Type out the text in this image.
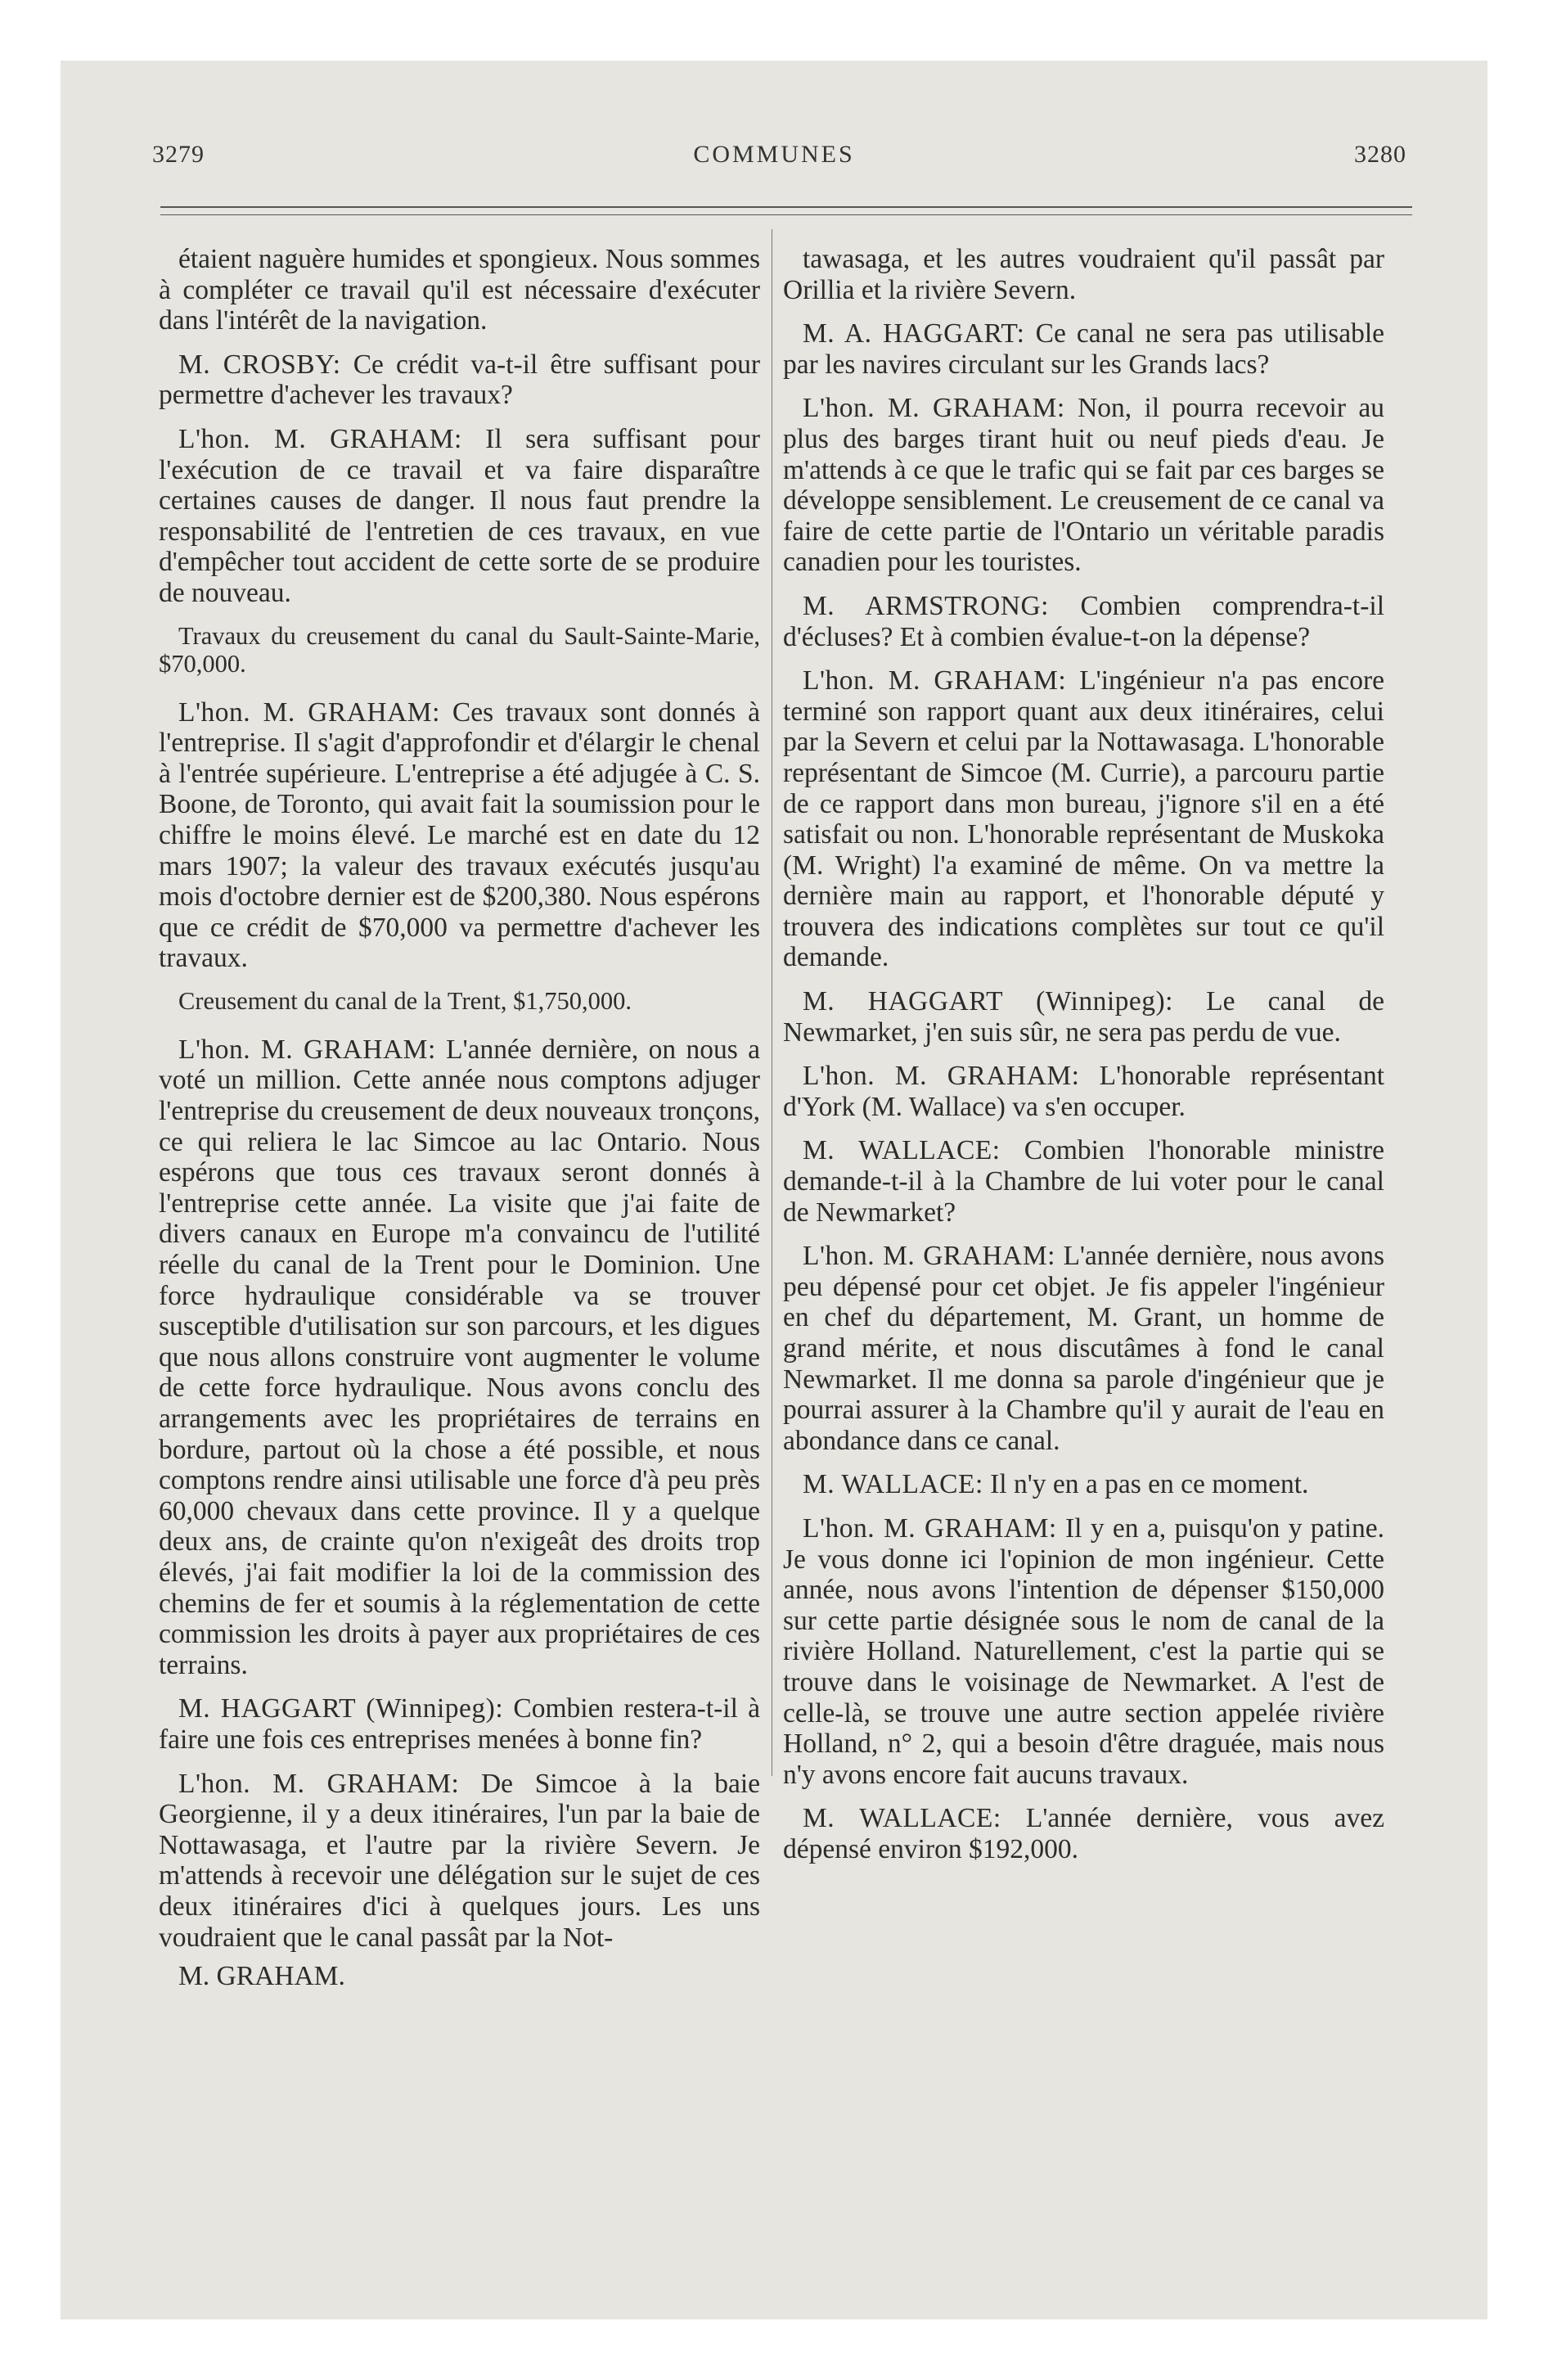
3279	COMMUNES	3280

étaient naguère humides et spongieux. Nous sommes à compléter ce travail qu'il est nécessaire d'exécuter dans l'intérêt de la navigation.

M. CROSBY: Ce crédit va-t-il être suffisant pour permettre d'achever les travaux?

L'hon. M. GRAHAM: Il sera suffisant pour l'exécution de ce travail et va faire disparaître certaines causes de danger. Il nous faut prendre la responsabilité de l'entretien de ces travaux, en vue d'empêcher tout accident de cette sorte de se produire de nouveau.

Travaux du creusement du canal du Sault-Sainte-Marie, $70,000.

L'hon. M. GRAHAM: Ces travaux sont donnés à l'entreprise. Il s'agit d'approfondir et d'élargir le chenal à l'entrée supérieure. L'entreprise a été adjugée à C. S. Boone, de Toronto, qui avait fait la soumission pour le chiffre le moins élevé. Le marché est en date du 12 mars 1907; la valeur des travaux exécutés jusqu'au mois d'octobre dernier est de $200,380. Nous espérons que ce crédit de $70,000 va permettre d'achever les travaux.

Creusement du canal de la Trent, $1,750,000.

L'hon. M. GRAHAM: L'année dernière, on nous a voté un million. Cette année nous comptons adjuger l'entreprise du creusement de deux nouveaux tronçons, ce qui reliera le lac Simcoe au lac Ontario. Nous espérons que tous ces travaux seront donnés à l'entreprise cette année. La visite que j'ai faite de divers canaux en Europe m'a convaincu de l'utilité réelle du canal de la Trent pour le Dominion. Une force hydraulique considérable va se trouver susceptible d'utilisation sur son parcours, et les digues que nous allons construire vont augmenter le volume de cette force hydraulique. Nous avons conclu des arrangements avec les propriétaires de terrains en bordure, partout où la chose a été possible, et nous comptons rendre ainsi utilisable une force d'à peu près 60,000 chevaux dans cette province. Il y a quelque deux ans, de crainte qu'on n'exigeât des droits trop élevés, j'ai fait modifier la loi de la commission des chemins de fer et soumis à la réglementation de cette commission les droits à payer aux propriétaires de ces terrains.

M. HAGGART (Winnipeg): Combien restera-t-il à faire une fois ces entreprises menées à bonne fin?

L'hon. M. GRAHAM: De Simcoe à la baie Georgienne, il y a deux itinéraires, l'un par la baie de Nottawasaga, et l'autre par la rivière Severn. Je m'attends à recevoir une délégation sur le sujet de ces deux itinéraires d'ici à quelques jours. Les uns voudraient que le canal passât par la Not-

M. GRAHAM.

tawasaga, et les autres voudraient qu'il passât par Orillia et la rivière Severn.

M. A. HAGGART: Ce canal ne sera pas utilisable par les navires circulant sur les Grands lacs?

L'hon. M. GRAHAM: Non, il pourra recevoir au plus des barges tirant huit ou neuf pieds d'eau. Je m'attends à ce que le trafic qui se fait par ces barges se développe sensiblement. Le creusement de ce canal va faire de cette partie de l'Ontario un véritable paradis canadien pour les touristes.

M. ARMSTRONG: Combien comprendra-t-il d'écluses? Et à combien évalue-t-on la dépense?

L'hon. M. GRAHAM: L'ingénieur n'a pas encore terminé son rapport quant aux deux itinéraires, celui par la Severn et celui par la Nottawasaga. L'honorable représentant de Simcoe (M. Currie), a parcouru partie de ce rapport dans mon bureau, j'ignore s'il en a été satisfait ou non. L'honorable représentant de Muskoka (M. Wright) l'a examiné de même. On va mettre la dernière main au rapport, et l'honorable député y trouvera des indications complètes sur tout ce qu'il demande.

M. HAGGART (Winnipeg): Le canal de Newmarket, j'en suis sûr, ne sera pas perdu de vue.

L'hon. M. GRAHAM: L'honorable représentant d'York (M. Wallace) va s'en occuper.

M. WALLACE: Combien l'honorable ministre demande-t-il à la Chambre de lui voter pour le canal de Newmarket?

L'hon. M. GRAHAM: L'année dernière, nous avons peu dépensé pour cet objet. Je fis appeler l'ingénieur en chef du département, M. Grant, un homme de grand mérite, et nous discutâmes à fond le canal Newmarket. Il me donna sa parole d'ingénieur que je pourrai assurer à la Chambre qu'il y aurait de l'eau en abondance dans ce canal.

M. WALLACE: Il n'y en a pas en ce moment.

L'hon. M. GRAHAM: Il y en a, puisqu'on y patine. Je vous donne ici l'opinion de mon ingénieur. Cette année, nous avons l'intention de dépenser $150,000 sur cette partie désignée sous le nom de canal de la rivière Holland. Naturellement, c'est la partie qui se trouve dans le voisinage de Newmarket. A l'est de celle-là, se trouve une autre section appelée rivière Holland, n° 2, qui a besoin d'être draguée, mais nous n'y avons encore fait aucuns travaux.

M. WALLACE: L'année dernière, vous avez dépensé environ $192,000.
